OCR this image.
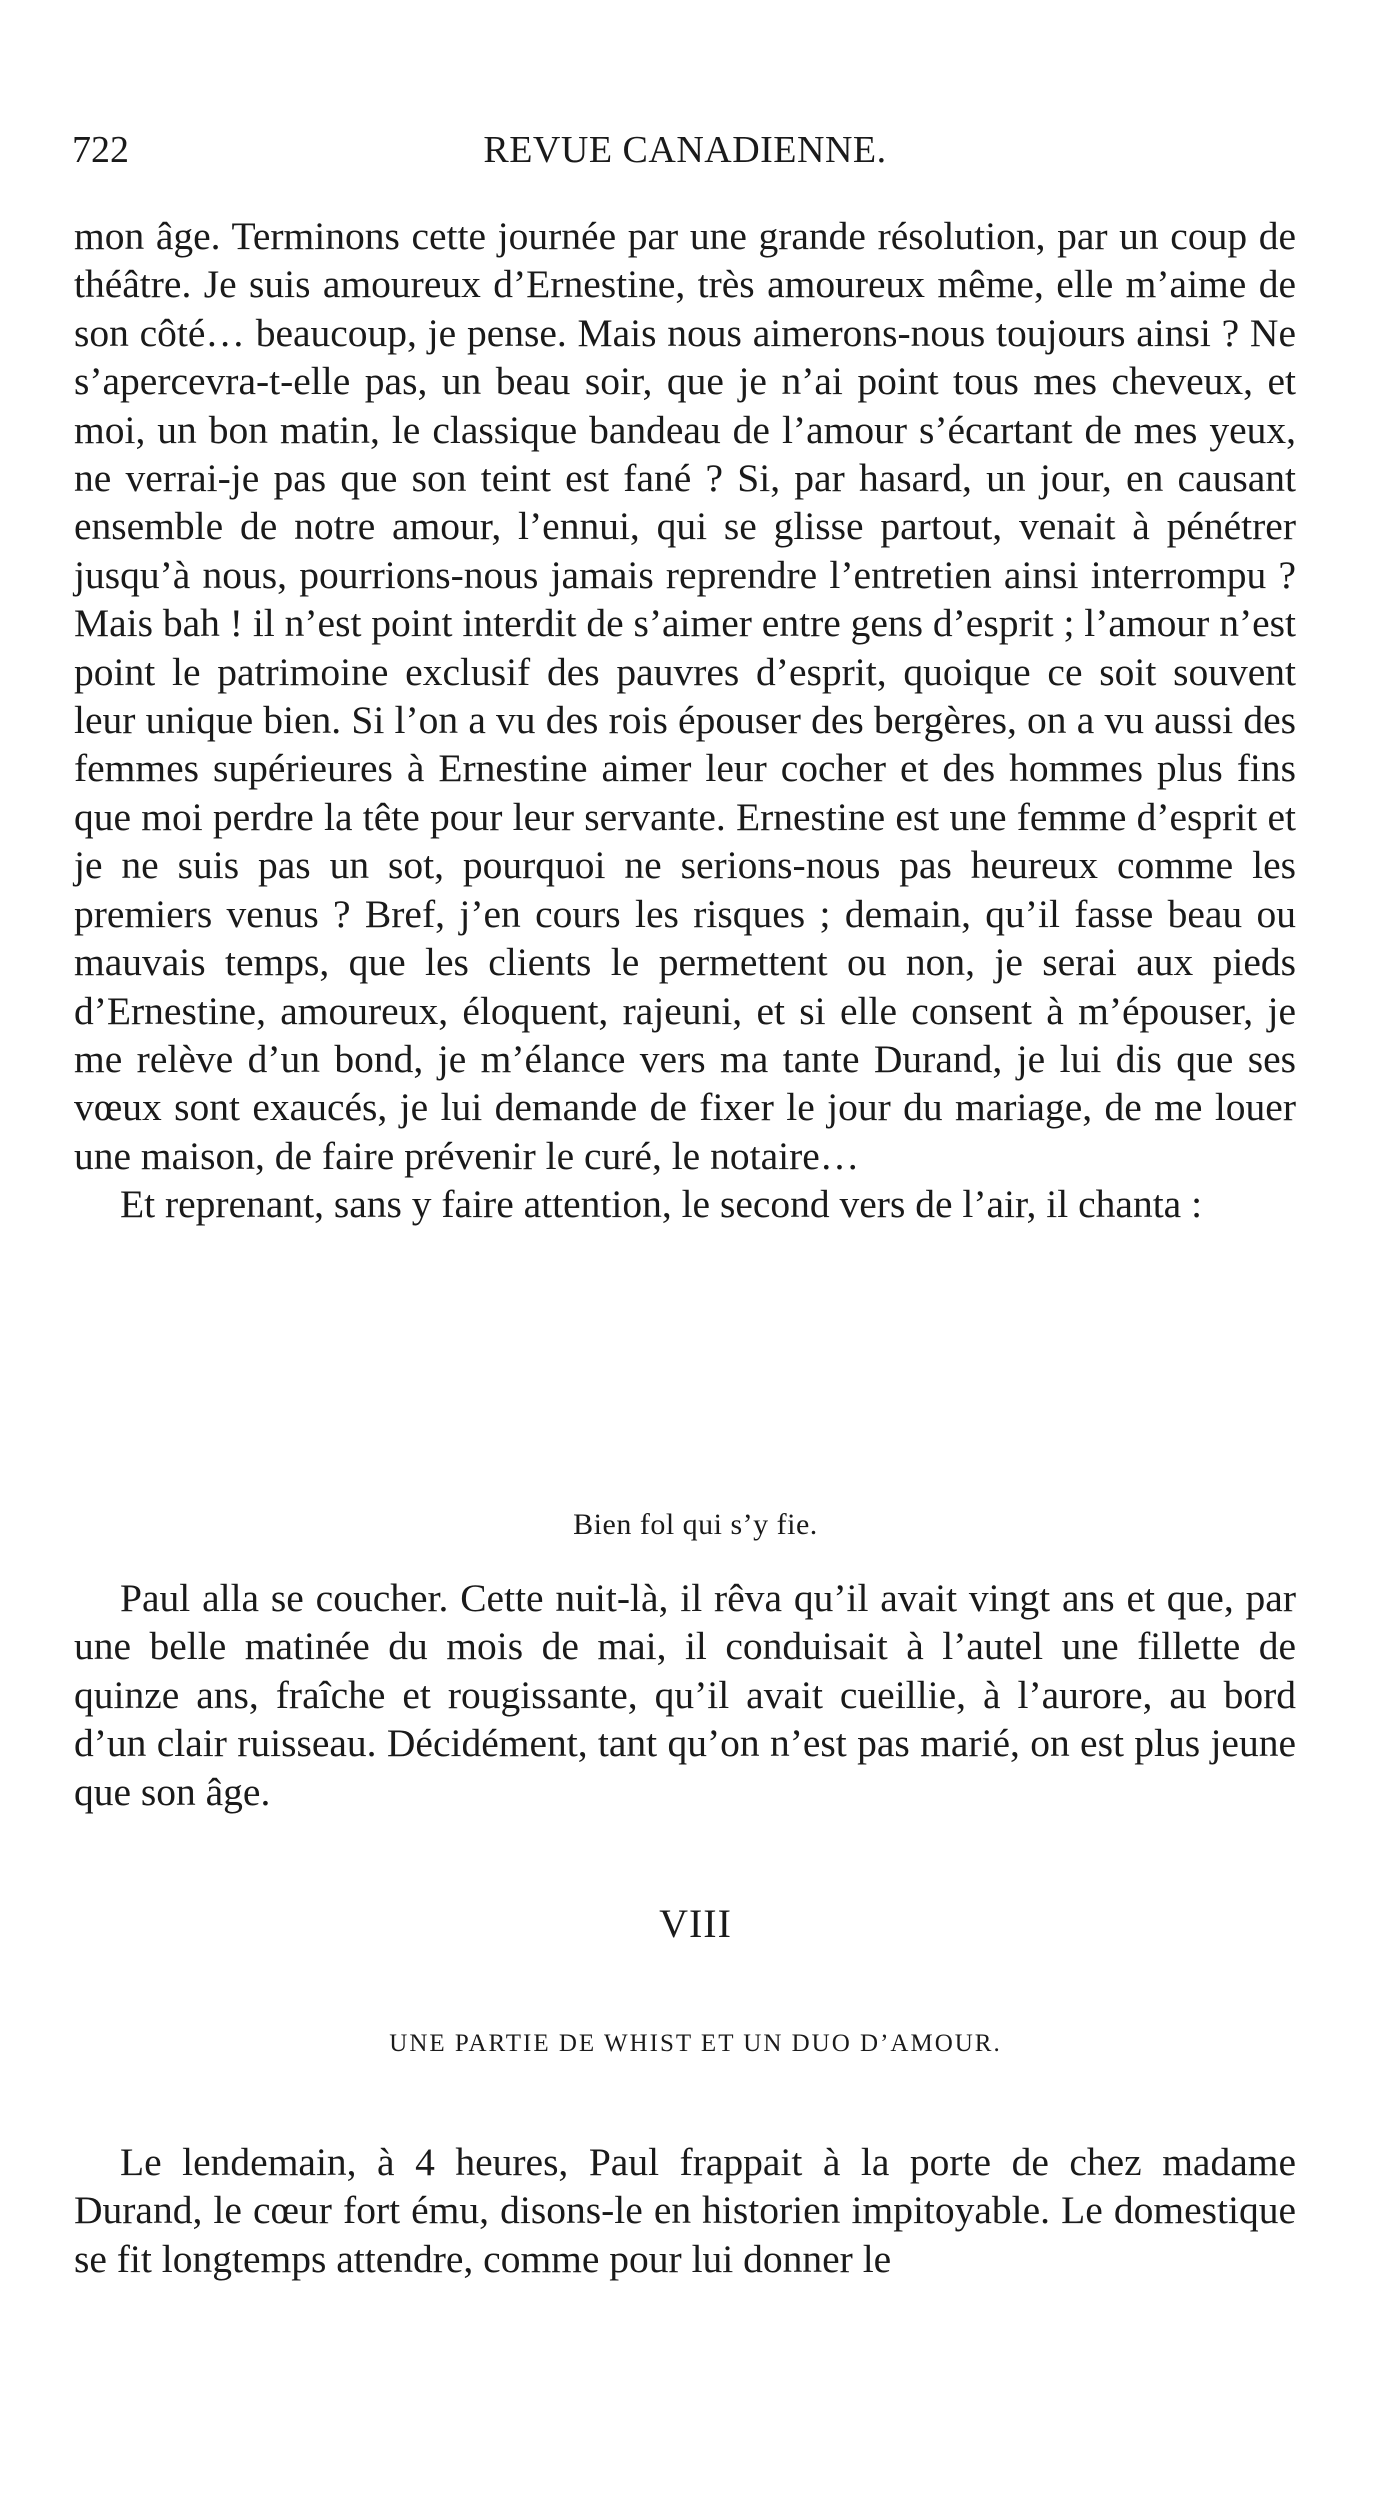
722	REVUE CANADIENNE.

mon âge. Terminons cette journée par une grande résolution, par un coup de théâtre. Je suis amoureux d’Ernestine, très amoureux même, elle m’aime de son côté… beaucoup, je pense. Mais nous aimerons-nous toujours ainsi ? Ne s’apercevra-t-elle pas, un beau soir, que je n’ai point tous mes cheveux, et moi, un bon matin, le classique bandeau de l’amour s’écartant de mes yeux, ne verrai-je pas que son teint est fané ? Si, par hasard, un jour, en causant ensemble de notre amour, l’ennui, qui se glisse partout, venait à pénétrer jusqu’à nous, pourrions-nous jamais reprendre l’entretien ainsi interrompu ? Mais bah ! il n’est point interdit de s’aimer entre gens d’esprit ; l’amour n’est point le patrimoine exclusif des pauvres d’esprit, quoique ce soit souvent leur unique bien. Si l’on a vu des rois épouser des bergères, on a vu aussi des femmes supérieures à Ernestine aimer leur cocher et des hommes plus fins que moi perdre la tête pour leur servante. Ernestine est une femme d’esprit et je ne suis pas un sot, pourquoi ne serions-nous pas heureux comme les premiers venus ? Bref, j’en cours les risques ; demain, qu’il fasse beau ou mauvais temps, que les clients le permettent ou non, je serai aux pieds d’Ernestine, amoureux, éloquent, rajeuni, et si elle consent à m’épouser, je me relève d’un bond, je m’élance vers ma tante Durand, je lui dis que ses vœux sont exaucés, je lui demande de fixer le jour du mariage, de me louer une maison, de faire prévenir le curé, le notaire…

Et reprenant, sans y faire attention, le second vers de l’air, il chanta :

Bien fol qui s’y fie.

Paul alla se coucher. Cette nuit-là, il rêva qu’il avait vingt ans et que, par une belle matinée du mois de mai, il conduisait à l’autel une fillette de quinze ans, fraîche et rougissante, qu’il avait cueillie, à l’aurore, au bord d’un clair ruisseau. Décidément, tant qu’on n’est pas marié, on est plus jeune que son âge.

VIII
UNE PARTIE DE WHIST ET UN DUO D’AMOUR.

Le lendemain, à 4 heures, Paul frappait à la porte de chez madame Durand, le cœur fort ému, disons-le en historien impitoyable. Le domestique se fit longtemps attendre, comme pour lui donner le
